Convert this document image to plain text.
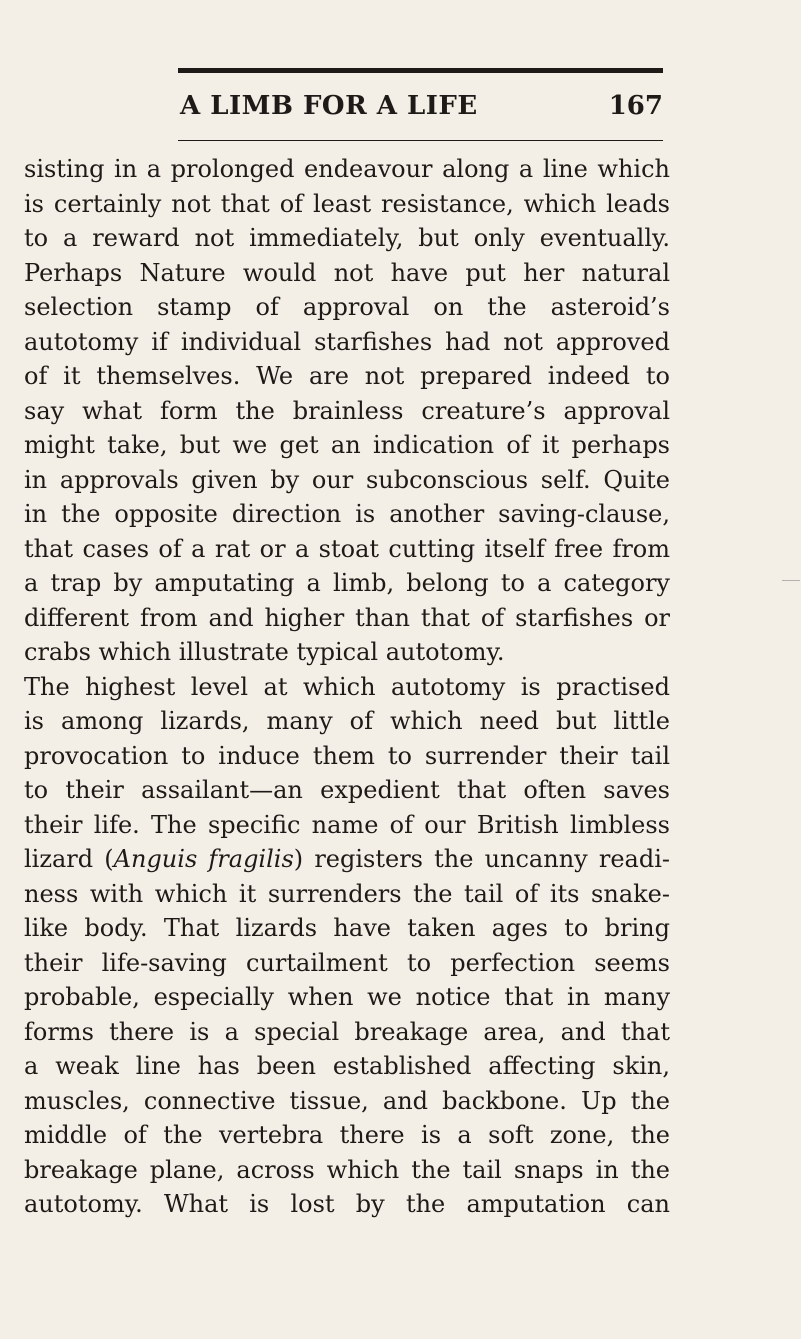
A LIMB FOR A LIFE	167
sisting in a prolonged endeavour along a line which
is certainly not that of least resistance, which leads
to a reward not immediately, but only eventually.
Perhaps Nature would not have put her natural
selection stamp of approval on the asteroid’s
autotomy if individual starfishes had not approved
of it themselves. We are not prepared indeed to
say what form the brainless creature’s approval
might take, but we get an indication of it perhaps
in approvals given by our subconscious self. Quite
in the opposite direction is another saving-clause,
that cases of a rat or a stoat cutting itself free from
a trap by amputating a limb, belong to a category
different from and higher than that of starfishes or
crabs which illustrate typical autotomy.
The highest level at which autotomy is practised
is among lizards, many of which need but little
provocation to induce them to surrender their tail
to their assailant—an expedient that often saves
their life. The specific name of our British limbless
lizard (Anguis fragilis) registers the uncanny readi-
ness with which it surrenders the tail of its snake-
like body. That lizards have taken ages to bring
their life-saving curtailment to perfection seems
probable, especially when we notice that in many
forms there is a special breakage area, and that
a weak line has been established affecting skin,
muscles, connective tissue, and backbone. Up the
middle of the vertebra there is a soft zone, the
breakage plane, across which the tail snaps in the
autotomy. What is lost by the amputation can
